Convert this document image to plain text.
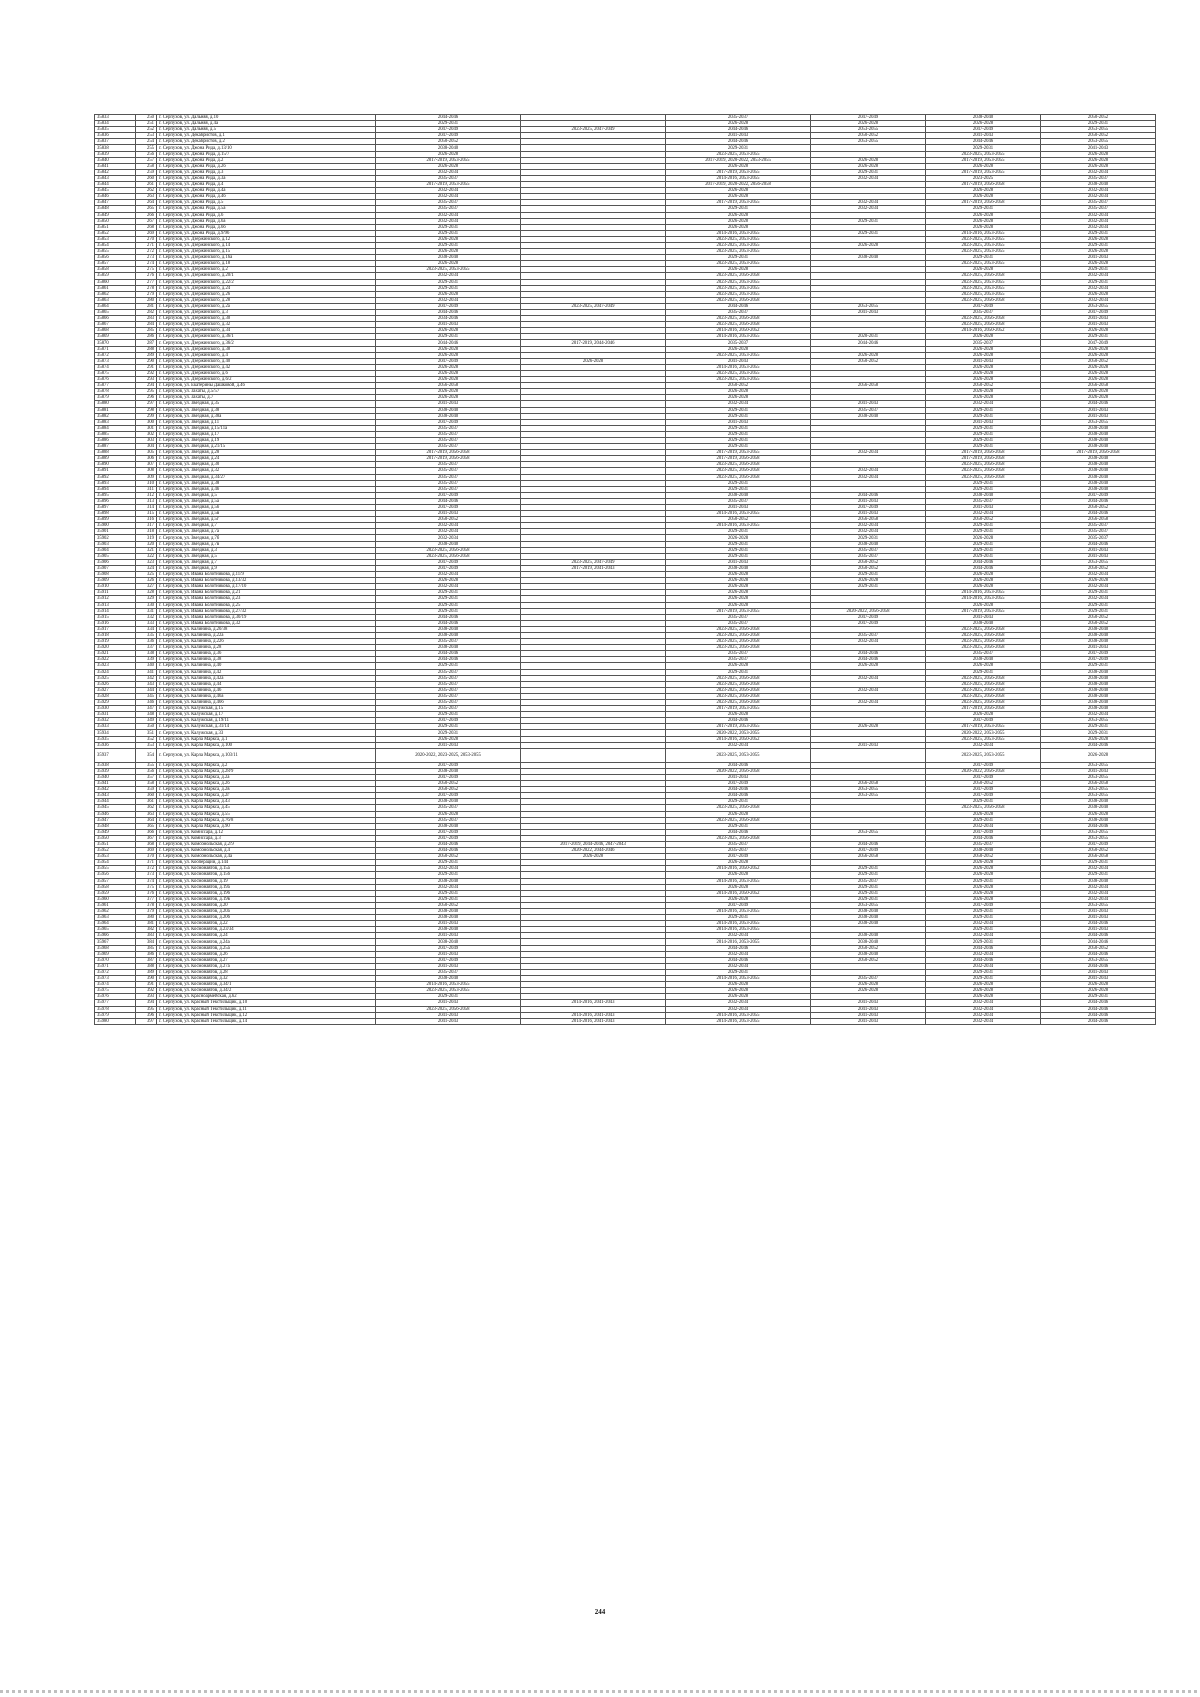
35833	250	г. Серпухов, ул. Дальняя, д.10	2044-2046		2035-2037	2047-2049	2038-2040	2050-2052
35834	251	г. Серпухов, ул. Дальняя, д.4а	2029-2031		2026-2028	2026-2028	2026-2028	2029-2031
35835	252	г. Серпухов, ул. Дальняя, д.5	2047-2049	2023-2025, 2047-2049	2044-2046	2053-2055	2047-2049	2053-2055
35836	253	г. Серпухов, ул. Декабристов, д.1	2047-2049		2041-2043	2050-2052	2041-2043	2050-2052
35837	254	г. Серпухов, ул. Декабристов, д.2	2050-2052		2044-2046	2053-2055	2044-2046	2053-2055
35838	255	г. Серпухов, ул. Джона Рида, д.13/10	2038-2040		2029-2031		2029-2031	2041-2043
35839	256	г. Серпухов, ул. Джона Рида, д.15/7	2026-2028		2023-2025, 2053-2055		2023-2025, 2053-2055	2026-2028
35840	257	г. Серпухов, ул. Джона Рида, д.2	2017-2019, 2053-2055		2017-2019, 2020-2022, 2053-2055	2026-2028	2017-2019, 2053-2055	2026-2028
35841	258	г. Серпухов, ул. Джона Рида, д.2б	2026-2028		2026-2028	2026-2028	2026-2028	2026-2028
35842	259	г. Серпухов, ул. Джона Рида, д.3	2032-2034		2017-2019, 2053-2055	2029-2031	2017-2019, 2053-2055	2032-2034
35843	260	г. Серпухов, ул. Джона Рида, д.3а	2035-2037		2014-2016, 2053-2055	2032-2034	2023-2025	2035-2037
35844	261	г. Серпухов, ул. Джона Рида, д.4	2017-2019, 2053-2055		2017-2019, 2020-2022, 2056-2058		2017-2019, 2056-2058	2038-2040
35845	262	г. Серпухов, ул. Джона Рида, д.4а	2032-2034		2026-2028		2026-2028	2032-2034
35846	263	г. Серпухов, ул. Джона Рида, д.4б	2032-2034		2026-2028		2026-2028	2032-2034
35847	264	г. Серпухов, ул. Джона Рида, д.5	2035-2037		2017-2019, 2053-2055	2032-2034	2017-2019, 2056-2058	2035-2037
35848	265	г. Серпухов, ул. Джона Рида, д.5а	2035-2037		2029-2031	2032-2034	2029-2031	2035-2037
35849	266	г. Серпухов, ул. Джона Рида, д.6	2032-2034		2026-2028		2026-2028	2032-2034
35850	267	г. Серпухов, ул. Джона Рида, д.6а	2032-2034		2026-2028	2029-2031	2026-2028	2032-2034
35851	268	г. Серпухов, ул. Джона Рида, д.6б	2029-2031		2026-2028		2026-2028	2032-2034
35852	269	г. Серпухов, ул. Джона Рида, д.9/96	2029-2031		2014-2016, 2053-2055	2029-2031	2014-2016, 2053-2055	2029-2031
35853	270	г. Серпухов, ул. Дзержинского, д.12	2026-2028		2023-2025, 2053-2055		2023-2025, 2053-2055	2026-2028
35854	271	г. Серпухов, ул. Дзержинского, д.14	2029-2031		2023-2025, 2053-2055	2026-2028	2023-2025, 2053-2055	2029-2031
35855	272	г. Серпухов, ул. Дзержинского, д.15	2026-2028		2023-2025, 2053-2055		2023-2025, 2053-2055	2026-2028
35856	273	г. Серпухов, ул. Дзержинского, д.16а	2038-2040		2029-2031	2038-2040	2029-2031	2041-2043
35857	274	г. Серпухов, ул. Дзержинского, д.18	2026-2028		2023-2025, 2053-2055		2023-2025, 2053-2055	2026-2028
35858	275	г. Серпухов, ул. Дзержинского, д.2	2023-2025, 2053-2055		2026-2028		2026-2028	2029-2031
35859	276	г. Серпухов, ул. Дзержинского, д.20/1	2032-2034		2023-2025, 2056-2058		2023-2025, 2056-2058	2032-2034
35860	277	г. Серпухов, ул. Дзержинского, д.22/2	2029-2031		2023-2025, 2053-2055		2023-2025, 2053-2055	2029-2031
35861	278	г. Серпухов, ул. Дзержинского, д.24	2029-2031		2023-2025, 2053-2055		2023-2025, 2053-2055	2032-2034
35862	279	г. Серпухов, ул. Дзержинского, д.26	2026-2028		2023-2025, 2053-2055		2023-2025, 2053-2055	2026-2028
35863	280	г. Серпухов, ул. Дзержинского, д.28	2032-2034		2023-2025, 2056-2058		2023-2025, 2056-2058	2032-2034
35864	281	г. Серпухов, ул. Дзержинского, д.2а	2047-2049	2023-2025, 2047-2049	2044-2046	2053-2055	2047-2049	2053-2055
35865	282	г. Серпухов, ул. Дзержинского, д.3	2044-2046		2035-2037	2041-2043	2035-2037	2047-2049
35866	283	г. Серпухов, ул. Дзержинского, д.30	2034-2046		2023-2025, 2056-2058		2023-2025, 2056-2058	2041-2043
35867	284	г. Серпухов, ул. Дзержинского, д.32	2041-2043		2023-2025, 2056-2058		2023-2025, 2056-2058	2041-2043
35868	285	г. Серпухов, ул. Дзержинского, д.34	2026-2028		2014-2016, 2050-2052		2014-2016, 2050-2052	2026-2028
35869	286	г. Серпухов, ул. Дзержинского, д.36/1	2029-2031		2014-2016, 2053-2055	2020-2031	2026-2028	2029-2031
35870	287	г. Серпухов, ул. Дзержинского, д.36/2	2044-2046	2017-2019, 2044-2046	2035-2037	2044-2046	2035-2037	2047-2049
35871	288	г. Серпухов, ул. Дзержинского, д.38	2026-2028		2026-2028		2026-2028	2026-2028
35872	289	г. Серпухов, ул. Дзержинского, д.4	2026-2028		2023-2025, 2053-2055	2026-2028	2026-2028	2026-2028
35873	290	г. Серпухов, ул. Дзержинского, д.40	2047-2049	2026-2028	2041-2043	2050-2052	2041-2043	2050-2052
35874	291	г. Серпухов, ул. Дзержинского, д.42	2026-2028		2014-2016, 2053-2055		2026-2028	2026-2028
35875	292	г. Серпухов, ул. Дзержинского, д.6	2026-2028		2023-2025, 2053-2055		2026-2028	2026-2028
35876	293	г. Серпухов, ул. Дзержинского, д.6/2	2026-2028		2023-2025, 2053-2055		2026-2028	2026-2028
35877	294	г. Серпухов, ул. Екатерины Дашковой, д.46	2056-2058		2050-2052	2056-2058	2050-2052	2056-2058
35878	295	г. Серпухов, ул. Захаты, д.5/57	2026-2028		2026-2028		2026-2028	2026-2028
35879	296	г. Серпухов, ул. Захаты, д.7	2026-2028		2026-2028		2026-2028	2026-2028
35880	297	г. Серпухов, ул. Звездная, д.35	2041-2043		2032-2034	2041-2043	2032-2034	2044-2046
35881	298	г. Серпухов, ул. Звездная, д.38	2038-2040		2029-2031	2035-2037	2029-2031	2041-2043
35882	299	г. Серпухов, ул. Звездная, д.38а	2038-2040		2029-2031	2038-2040	2029-2031	2041-2043
35883	300	г. Серпухов, ул. Звездная, д.11	2047-2049		2041-2043		2041-2043	2053-2055
35884	301	г. Серпухов, ул. Звездная, д.15/11а	2035-2037		2029-2031		2029-2031	2038-2040
35885	302	г. Серпухов, ул. Звездная, д.17	2035-2037		2029-2031		2029-2031	2038-2040
35886	303	г. Серпухов, ул. Звездная, д.19	2035-2037		2029-2031		2029-2031	2038-2040
35887	304	г. Серпухов, ул. Звездная, д.21/15	2035-2037		2029-2031		2029-2031	2038-2040
35888	305	г. Серпухов, ул. Звездная, д.28	2017-2019, 2056-2058		2017-2019, 2053-2055	2032-2034	2017-2019, 2056-2058	2017-2019, 2056-2058
35889	306	г. Серпухов, ул. Звездная, д.24	2017-2019, 2056-2058		2017-2019, 2056-2058		2017-2019, 2056-2058	2038-2040
35890	307	г. Серпухов, ул. Звездная, д.30	2035-2037		2023-2025, 2056-2058		2023-2025, 2056-2058	2038-2040
35891	308	г. Серпухов, ул. Звездная, д.32	2035-2037		2023-2025, 2056-2058	2032-2034	2023-2025, 2056-2058	2038-2040
35892	309	г. Серпухов, ул. Звездная, д.34/27	2035-2037		2023-2025, 2056-2058	2032-2034	2023-2025, 2056-2058	2038-2040
35893	310	г. Серпухов, ул. Звездная, д.38	2035-2037		2029-2031		2029-2031	2038-2040
35894	311	г. Серпухов, ул. Звездная, д.4б	2035-2037		2029-2031		2029-2031	2038-2040
35895	312	г. Серпухов, ул. Звездная, д.5	2047-2049		2038-2040	2044-2046	2038-2040	2047-2049
35896	313	г. Серпухов, ул. Звездная, д.5а	2044-2046		2035-2037	2041-2043	2035-2037	2044-2046
35897	314	г. Серпухов, ул. Звездная, д.5б	2047-2049		2041-2043	2047-2049	2041-2043	2050-2052
35898	315	г. Серпухов, ул. Звездная, д.5в	2041-2043		2014-2016, 2053-2055	2041-2043	2032-2034	2044-2046
35899	316	г. Серпухов, ул. Звездная, д.5г	2050-2052		2050-2052	2056-2058	2050-2052	2056-2058
35900	317	г. Серпухов, ул. Звездная, д.7	2032-2034		2014-2016, 2053-2055	2032-2034	2029-2031	2035-2037
35901	318	г. Серпухов, ул. Звездная, д.7а	2032-2034		2029-2031	2032-2034	2029-2031	2035-2037
35902	319	г. Серпухов, ул. Звездная, д.7б	2032-2034		2026-2028	2029-2031	2026-2028	2035-2037
35903	320	г. Серпухов, ул. Звездная, д.7в	2038-2040		2029-2031	2038-2040	2029-2031	2044-2046
35904	321	г. Серпухов, ул. Звездная, д.3	2023-2025, 2056-2058		2029-2031	2035-2037	2029-2031	2041-2043
35905	322	г. Серпухов, ул. Звездная, д.5	2023-2025, 2056-2058		2029-2031	2035-2037	2029-2031	2041-2043
35906	323	г. Серпухов, ул. Звездная, д.7	2047-2049	2023-2025, 2047-2049	2041-2043	2050-2052	2044-2046	2053-2055
35907	324	г. Серпухов, ул. Звездная, д.9	2047-2049	2017-2019, 2041-2043	2038-2040	2050-2052	2044-2046	2050-2052
35908	325	г. Серпухов, ул. Ивана Болотникова, д.11/9	2032-2034		2026-2028	2029-2031	2026-2028	2032-2034
35909	326	г. Серпухов, ул. Ивана Болотникова, д.13/32	2026-2028		2026-2028	2026-2028	2026-2028	2026-2028
35910	327	г. Серпухов, ул. Ивана Болотникова, д.17/10	2032-2034		2026-2028	2029-2031	2026-2028	2032-2034
35911	328	г. Серпухов, ул. Ивана Болотникова, д.21	2029-2031		2026-2028		2014-2016, 2053-2055	2029-2031
35912	329	г. Серпухов, ул. Ивана Болотникова, д.23	2029-2031		2026-2028		2014-2016, 2053-2055	2032-2034
35913	330	г. Серпухов, ул. Ивана Болотникова, д.25	2029-2031		2026-2028		2026-2028	2029-2031
35914	331	г. Серпухов, ул. Ивана Болотникова, д.27/32	2029-2031		2017-2019, 2053-2055	2020-2022, 2056-2058	2017-2019, 2053-2055	2029-2031
35915	332	г. Серпухов, ул. Ивана Болотникова, д.30/19	2044-2046		2035-2037	2047-2049	2041-2043	2050-2052
35916	333	г. Серпухов, ул. Ивана Болотникова, д.32	2044-2046		2035-2037	2047-2049	2038-2040	2050-2052
35917	334	г. Серпухов, ул. Калинина, д.20/38	2038-2040		2023-2025, 2056-2058		2023-2025, 2056-2058	2038-2040
35918	335	г. Серпухов, ул. Калинина, д.22а	2038-2040		2023-2025, 2056-2058	2035-2037	2023-2025, 2056-2058	2038-2040
35919	336	г. Серпухов, ул. Калинина, д.226	2035-2037		2023-2025, 2056-2058	2032-2034	2023-2025, 2056-2058	2038-2040
35920	337	г. Серпухов, ул. Калинина, д.28	2038-2040		2023-2025, 2056-2058		2023-2025, 2056-2058	2041-2043
35921	338	г. Серпухов, ул. Калинина, д.36	2044-2046		2035-2037	2044-2046	2035-2037	2047-2049
35922	339	г. Серпухов, ул. Калинина, д.38	2044-2046		2035-2037	2044-2046	2038-2040	2047-2049
35923	340	г. Серпухов, ул. Калинина, д.40	2029-2031		2026-2028	2026-2028	2026-2028	2029-2031
35924	341	г. Серпухов, ул. Калинина, д.42	2035-2037		2029-2031		2029-2031	2038-2040
35925	342	г. Серпухов, ул. Калинина, д.42а	2035-2037		2023-2025, 2056-2058	2032-2034	2023-2025, 2056-2058	2038-2040
35926	343	г. Серпухов, ул. Калинина, д.44	2035-2037		2023-2025, 2056-2058		2023-2025, 2056-2058	2038-2040
35927	344	г. Серпухов, ул. Калинина, д.46	2035-2037		2023-2025, 2056-2058	2032-2034	2023-2025, 2056-2058	2038-2040
35928	345	г. Серпухов, ул. Калинина, д.46а	2035-2037		2023-2025, 2056-2058		2023-2025, 2056-2058	2038-2040
35929	346	г. Серпухов, ул. Калинина, д.466	2035-2037		2023-2025, 2056-2058	2032-2034	2023-2025, 2056-2058	2038-2040
35930	347	г. Серпухов, ул. Калужская, д.15	2035-2037		2017-2019, 2053-2055		2017-2019, 2056-2058	2038-2040
35931	348	г. Серпухов, ул. Калужская, д.17	2029-2031		2026-2028		2026-2028	2032-2034
35932	349	г. Серпухов, ул. Калужская, д.19/11	2047-2049		2044-2046		2047-2049	2053-2055
35933	350	г. Серпухов, ул. Калужская, д.31/14	2029-2031		2017-2019, 2053-2055	2026-2028	2017-2019, 2053-2055	2029-2031
35934	351	г. Серпухов, ул. Калужская, д.33	2029-2031		2020-2022, 2053-2055		2020-2022, 2053-2055	2029-2031
35935	352	г. Серпухов, ул. Карла Маркса, д.1	2026-2028		2014-2016, 2050-2052		2023-2025, 2053-2055	2026-2028
35936	353	г. Серпухов, ул. Карла Маркса, д.100	2041-2043		2032-2034	2041-2043	2032-2034	2044-2046
35937	354	г. Серпухов, ул. Карла Маркса, д.103/11	2020-2022, 2023-2025, 2053-2055		2023-2025, 2053-2055		2023-2025, 2053-2055	2026-2028
35938	355	г. Серпухов, ул. Карла Маркса, д.2	2047-2049		2044-2046		2047-2049	2053-2055
35939	356	г. Серпухов, ул. Карла Маркса, д.28/9	2038-2040		2020-2022, 2056-2058		2020-2022, 2056-2058	2041-2043
35940	357	г. Серпухов, ул. Карла Маркса, д.2а	2047-2049		2041-2043		2047-2049	2053-2055
35941	358	г. Серпухов, ул. Карла Маркса, д.2б	2050-2052		2047-2049	2056-2058	2050-2052	2056-2058
35942	359	г. Серпухов, ул. Карла Маркса, д.2в	2050-2052		2044-2046	2053-2055	2047-2049	2053-2055
35943	360	г. Серпухов, ул. Карла Маркса, д.2г	2047-2049		2044-2046	2053-2055	2047-2049	2053-2055
35944	361	г. Серпухов, ул. Карла Маркса, д.43	2038-2040		2029-2031		2029-2031	2038-2040
35945	362	г. Серпухов, ул. Карла Маркса, д.45	2035-2037		2023-2025, 2056-2058		2023-2025, 2056-2058	2038-2040
35946	363	г. Серпухов, ул. Карла Маркса, д.55	2026-2028		2026-2028		2026-2028	2026-2028
35947	364	г. Серпухов, ул. Карла Маркса, д.76/8	2035-2037		2023-2025, 2056-2058		2029-2031	2038-2040
35948	365	г. Серпухов, ул. Карла Маркса, д.90	2038-2040		2029-2031		2032-2034	2044-2046
35949	366	г. Серпухов, ул. Комиссара, д.12	2047-2049		2044-2046	2053-2055	2047-2049	2053-2055
35950	367	г. Серпухов, ул. Комиссара, д.3	2047-2049		2023-2025, 2056-2058		2044-2046	2053-2055
35951	368	г. Серпухов, ул. Комсомольская, д.2/9	2044-2046	2017-2019, 2044-2046, 2047-2043	2035-2037	2044-2046	2035-2037	2047-2049
35952	369	г. Серпухов, ул. Комсомольская, д.4	2044-2046	2020-2022, 2044-2046	2035-2037	2047-2049	2038-2040	2050-2052
35953	370	г. Серпухов, ул. Комсомольская, д.4а	2050-2052	2026-2028	2047-2049	2056-2058	2050-2052	2056-2058
35954	371	г. Серпухов, ул. Кооперации, д.144	2029-2031		2026-2028		2026-2028	2029-2031
35955	372	г. Серпухов, ул. Космонавтов, д.15а	2032-2034		2014-2016, 2050-2052	2029-2031	2026-2028	2032-2034
35956	373	г. Серпухов, ул. Космонавтов, д.156	2029-2031		2026-2028	2029-2031	2026-2028	2029-2031
35957	374	г. Серпухов, ул. Космонавтов, д.19	2038-2040		2014-2016, 2053-2055	2035-2037	2029-2031	2038-2040
35958	375	г. Серпухов, ул. Космонавтов, д.19а	2032-2034		2026-2028	2029-2031	2026-2028	2032-2034
35959	376	г. Серпухов, ул. Космонавтов, д.196	2029-2031		2014-2016, 2050-2052	2029-2031	2026-2028	2032-2034
35960	377	г. Серпухов, ул. Космонавтов, д.19в	2029-2031		2026-2028	2029-2031	2026-2028	2032-2034
35961	378	г. Серпухов, ул. Космонавтов, д.20	2050-2052		2047-2049	2053-2055	2047-2049	2053-2055
35962	379	г. Серпухов, ул. Космонавтов, д.20а	2038-2040		2014-2016, 2053-2055	2038-2040	2029-2031	2041-2043
35963	380	г. Серпухов, ул. Космонавтов, д.206	2038-2040		2029-2031	2038-2040	2029-2031	2041-2043
35964	381	г. Серпухов, ул. Космонавтов, д.22	2041-2043		2014-2016, 2053-2055	2038-2040	2032-2034	2044-2046
35965	382	г. Серпухов, ул. Космонавтов, д.23/34	2038-2040		2014-2016, 2053-2055		2029-2031	2041-2043
35966	383	г. Серпухов, ул. Космонавтов, д.24	2041-2043		2032-2034	2038-2040	2032-2034	2044-2046
35967	384	г. Серпухов, ул. Космонавтов, д.24а	2038-2040		2014-2016, 2053-2055	2038-2040	2029-2031	2044-2046
35968	385	г. Серпухов, ул. Космонавтов, д.25а	2047-2049		2044-2046	2050-2052	2044-2046	2050-2052
35969	386	г. Серпухов, ул. Космонавтов, д.26	2041-2043		2032-2034	2038-2040	2032-2034	2044-2046
35970	387	г. Серпухов, ул. Космонавтов, д.27	2047-2049		2044-2046	2050-2052	2044-2046	2053-2055
35971	388	г. Серпухов, ул. Космонавтов, д.27а	2041-2043		2032-2034		2032-2034	2044-2046
35972	389	г. Серпухов, ул. Космонавтов, д.28	2035-2037		2029-2031		2029-2031	2041-2043
35973	390	г. Серпухов, ул. Космонавтов, д.32	2038-2040		2014-2016, 2053-2055	2035-2037	2029-2031	2041-2043
35974	391	г. Серпухов, ул. Космонавтов, д.34/1	2014-2016, 2053-2055		2026-2028	2026-2028	2026-2028	2026-2028
35975	392	г. Серпухов, ул. Космонавтов, д.34/2	2023-2025, 2053-2055		2026-2028	2026-2028	2026-2028	2026-2028
35976	393	г. Серпухов, ул. Красноармейская, д.62	2029-2031		2026-2028		2026-2028	2029-2031
35977	394	г. Серпухов, ул. Красный Текстильщик, д.10	2041-2043	2014-2016, 2041-2043	2032-2034	2041-2043	2032-2034	2044-2046
35978	395	г. Серпухов, ул. Красный Текстильщик, д.11	2023-2025, 2056-2058		2032-2034	2041-2043	2032-2034	2044-2046
35979	396	г. Серпухов, ул. Красный Текстильщик, д.12	2041-2043	2014-2016, 2041-2043	2014-2016, 2053-2055	2041-2043	2032-2034	2044-2046
35980	397	г. Серпухов, ул. Красный Текстильщик, д.14	2041-2043	2014-2016, 2041-2043	2014-2016, 2053-2055	2041-2043	2032-2034	2044-2046
244
